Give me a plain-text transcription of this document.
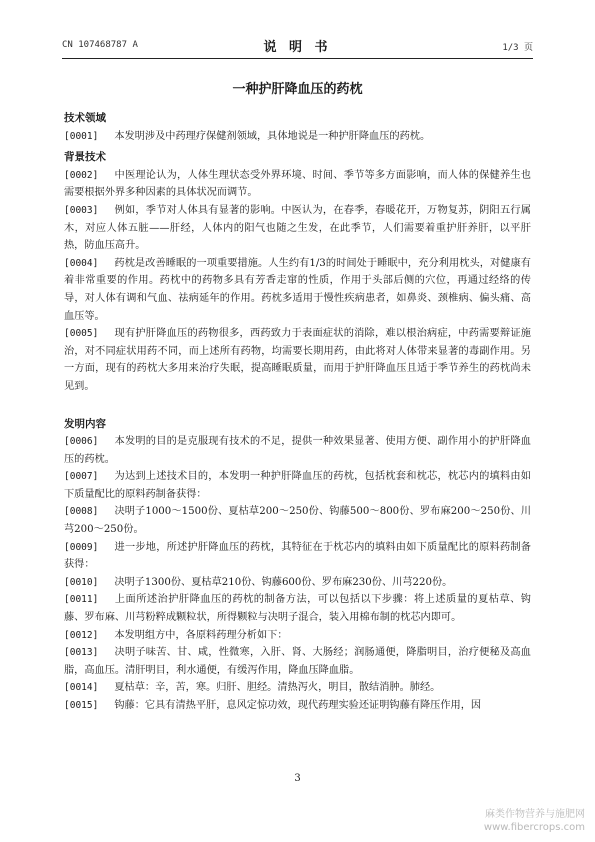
CN 107468787 A	说 明 书	1/3 页
一种护肝降血压的药枕
技术领域
[0001] 本发明涉及中药理疗保健剂领域，具体地说是一种护肝降血压的药枕。
背景技术
[0002] 中医理论认为，人体生理状态受外界环境、时间、季节等多方面影响，而人体的保健养生也需要根据外界多种因素的具体状况而调节。
[0003] 例如，季节对人体具有显著的影响。中医认为，在春季，春暖花开，万物复苏，阴阳五行属木，对应人体五脏——肝经，人体内的阳气也随之生发，在此季节，人们需要着重护肝养肝，以平肝热，防血压高升。
[0004] 药枕是改善睡眠的一项重要措施。人生约有1/3的时间处于睡眠中，充分利用枕头，对健康有着非常重要的作用。药枕中的药物多具有芳香走窜的性质，作用于头部后侧的穴位，再通过经络的传导，对人体有调和气血、祛病延年的作用。药枕多适用于慢性疾病患者，如鼻炎、颈椎病、偏头痛、高血压等。
[0005] 现有护肝降血压的药物很多，西药致力于表面症状的消除，难以根治病症，中药需要辩证施治，对不同症状用药不同，而上述所有药物，均需要长期用药，由此将对人体带来显著的毒副作用。另一方面，现有的药枕大多用来治疗失眠，提高睡眠质量，而用于护肝降血压且适于季节养生的药枕尚未见到。
发明内容
[0006] 本发明的目的是克服现有技术的不足，提供一种效果显著、使用方便、副作用小的护肝降血压的药枕。
[0007] 为达到上述技术目的，本发明一种护肝降血压的药枕，包括枕套和枕芯，枕芯内的填料由如下质量配比的原料药制备获得：
[0008] 决明子1000～1500份、夏枯草200～250份、钩藤500～800份、罗布麻200～250份、川芎200～250份。
[0009] 进一步地，所述护肝降血压的药枕，其特征在于枕芯内的填料由如下质量配比的原料药制备获得：
[0010] 决明子1300份、夏枯草210份、钩藤600份、罗布麻230份、川芎220份。
[0011] 上面所述治护肝降血压的药枕的制备方法，可以包括以下步骤：将上述质量的夏枯草、钩藤、罗布麻、川芎粉粹成颗粒状，所得颗粒与决明子混合，装入用棉布制的枕芯内即可。
[0012] 本发明组方中，各原料药理分析如下：
[0013] 决明子味苦、甘、咸，性微寒，入肝、肾、大肠经；润肠通便，降脂明目，治疗便秘及高血脂，高血压。清肝明目，利水通便，有缓泻作用，降血压降血脂。
[0014] 夏枯草：辛，苦，寒。归肝、胆经。清热泻火，明目，散结消肿。肺经。
[0015] 钩藤：它具有清热平肝，息风定惊功效，现代药理实验还证明钩藤有降压作用，因
3
麻类作物营养与施肥网
www.fibercrops.com
